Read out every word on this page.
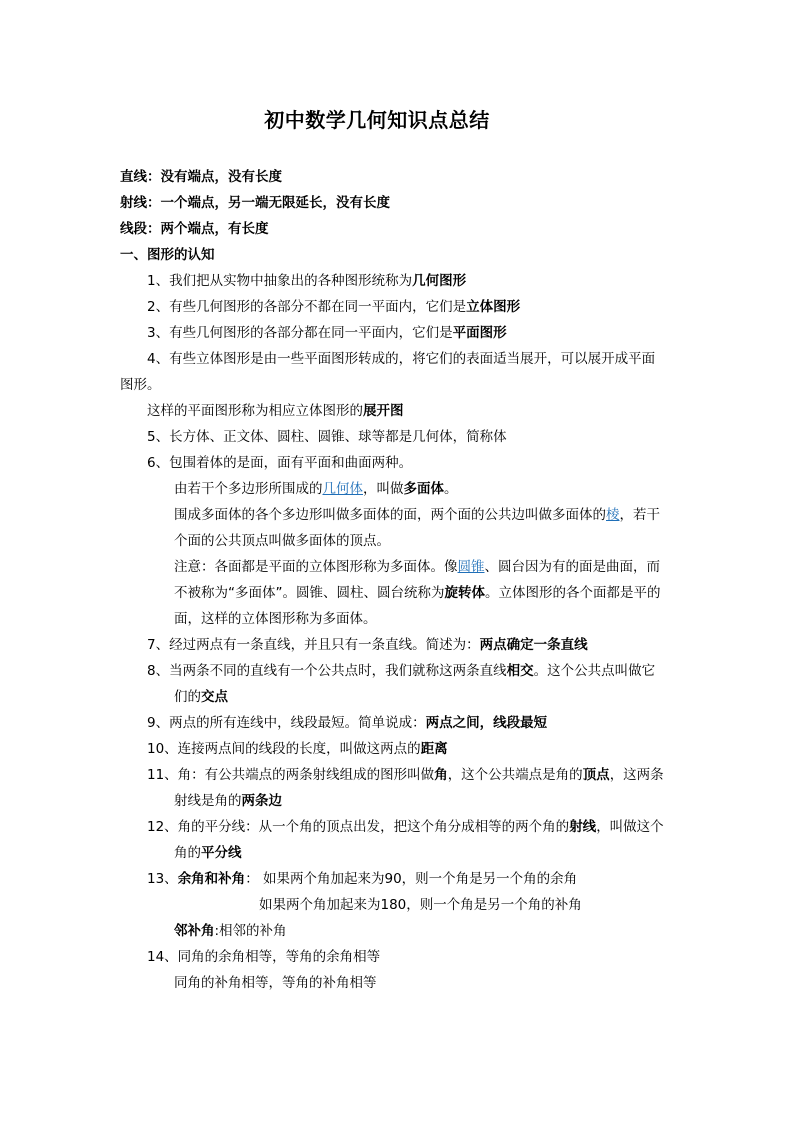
初中数学几何知识点总结
直线：没有端点，没有长度
射线：一个端点，另一端无限延长，没有长度
线段：两个端点，有长度
一、图形的认知
1、我们把从实物中抽象出的各种图形统称为几何图形
2、有些几何图形的各部分不都在同一平面内，它们是立体图形
3、有些几何图形的各部分都在同一平面内，它们是平面图形
4、有些立体图形是由一些平面图形转成的，将它们的表面适当展开，可以展开成平面
图形。
这样的平面图形称为相应立体图形的展开图
5、长方体、正文体、圆柱、圆锥、球等都是几何体，简称体
6、包围着体的是面，面有平面和曲面两种。
由若干个多边形所围成的几何体，叫做多面体。
围成多面体的各个多边形叫做多面体的面，两个面的公共边叫做多面体的棱，若干
个面的公共顶点叫做多面体的顶点。
注意：各面都是平面的立体图形称为多面体。像圆锥、圆台因为有的面是曲面，而
不被称为“多面体”。圆锥、圆柱、圆台统称为旋转体。立体图形的各个面都是平的
面，这样的立体图形称为多面体。
7、经过两点有一条直线，并且只有一条直线。简述为：两点确定一条直线
8、当两条不同的直线有一个公共点时，我们就称这两条直线相交。这个公共点叫做它
们的交点
9、两点的所有连线中，线段最短。简单说成：两点之间，线段最短
10、连接两点间的线段的长度，叫做这两点的距离
11、角：有公共端点的两条射线组成的图形叫做角，这个公共端点是角的顶点，这两条
射线是角的两条边
12、角的平分线：从一个角的顶点出发，把这个角分成相等的两个角的射线，叫做这个
角的平分线
13、余角和补角： 如果两个角加起来为90，则一个角是另一个角的余角
如果两个角加起来为180，则一个角是另一个角的补角
邻补角:相邻的补角
14、同角的余角相等，等角的余角相等
同角的补角相等，等角的补角相等
